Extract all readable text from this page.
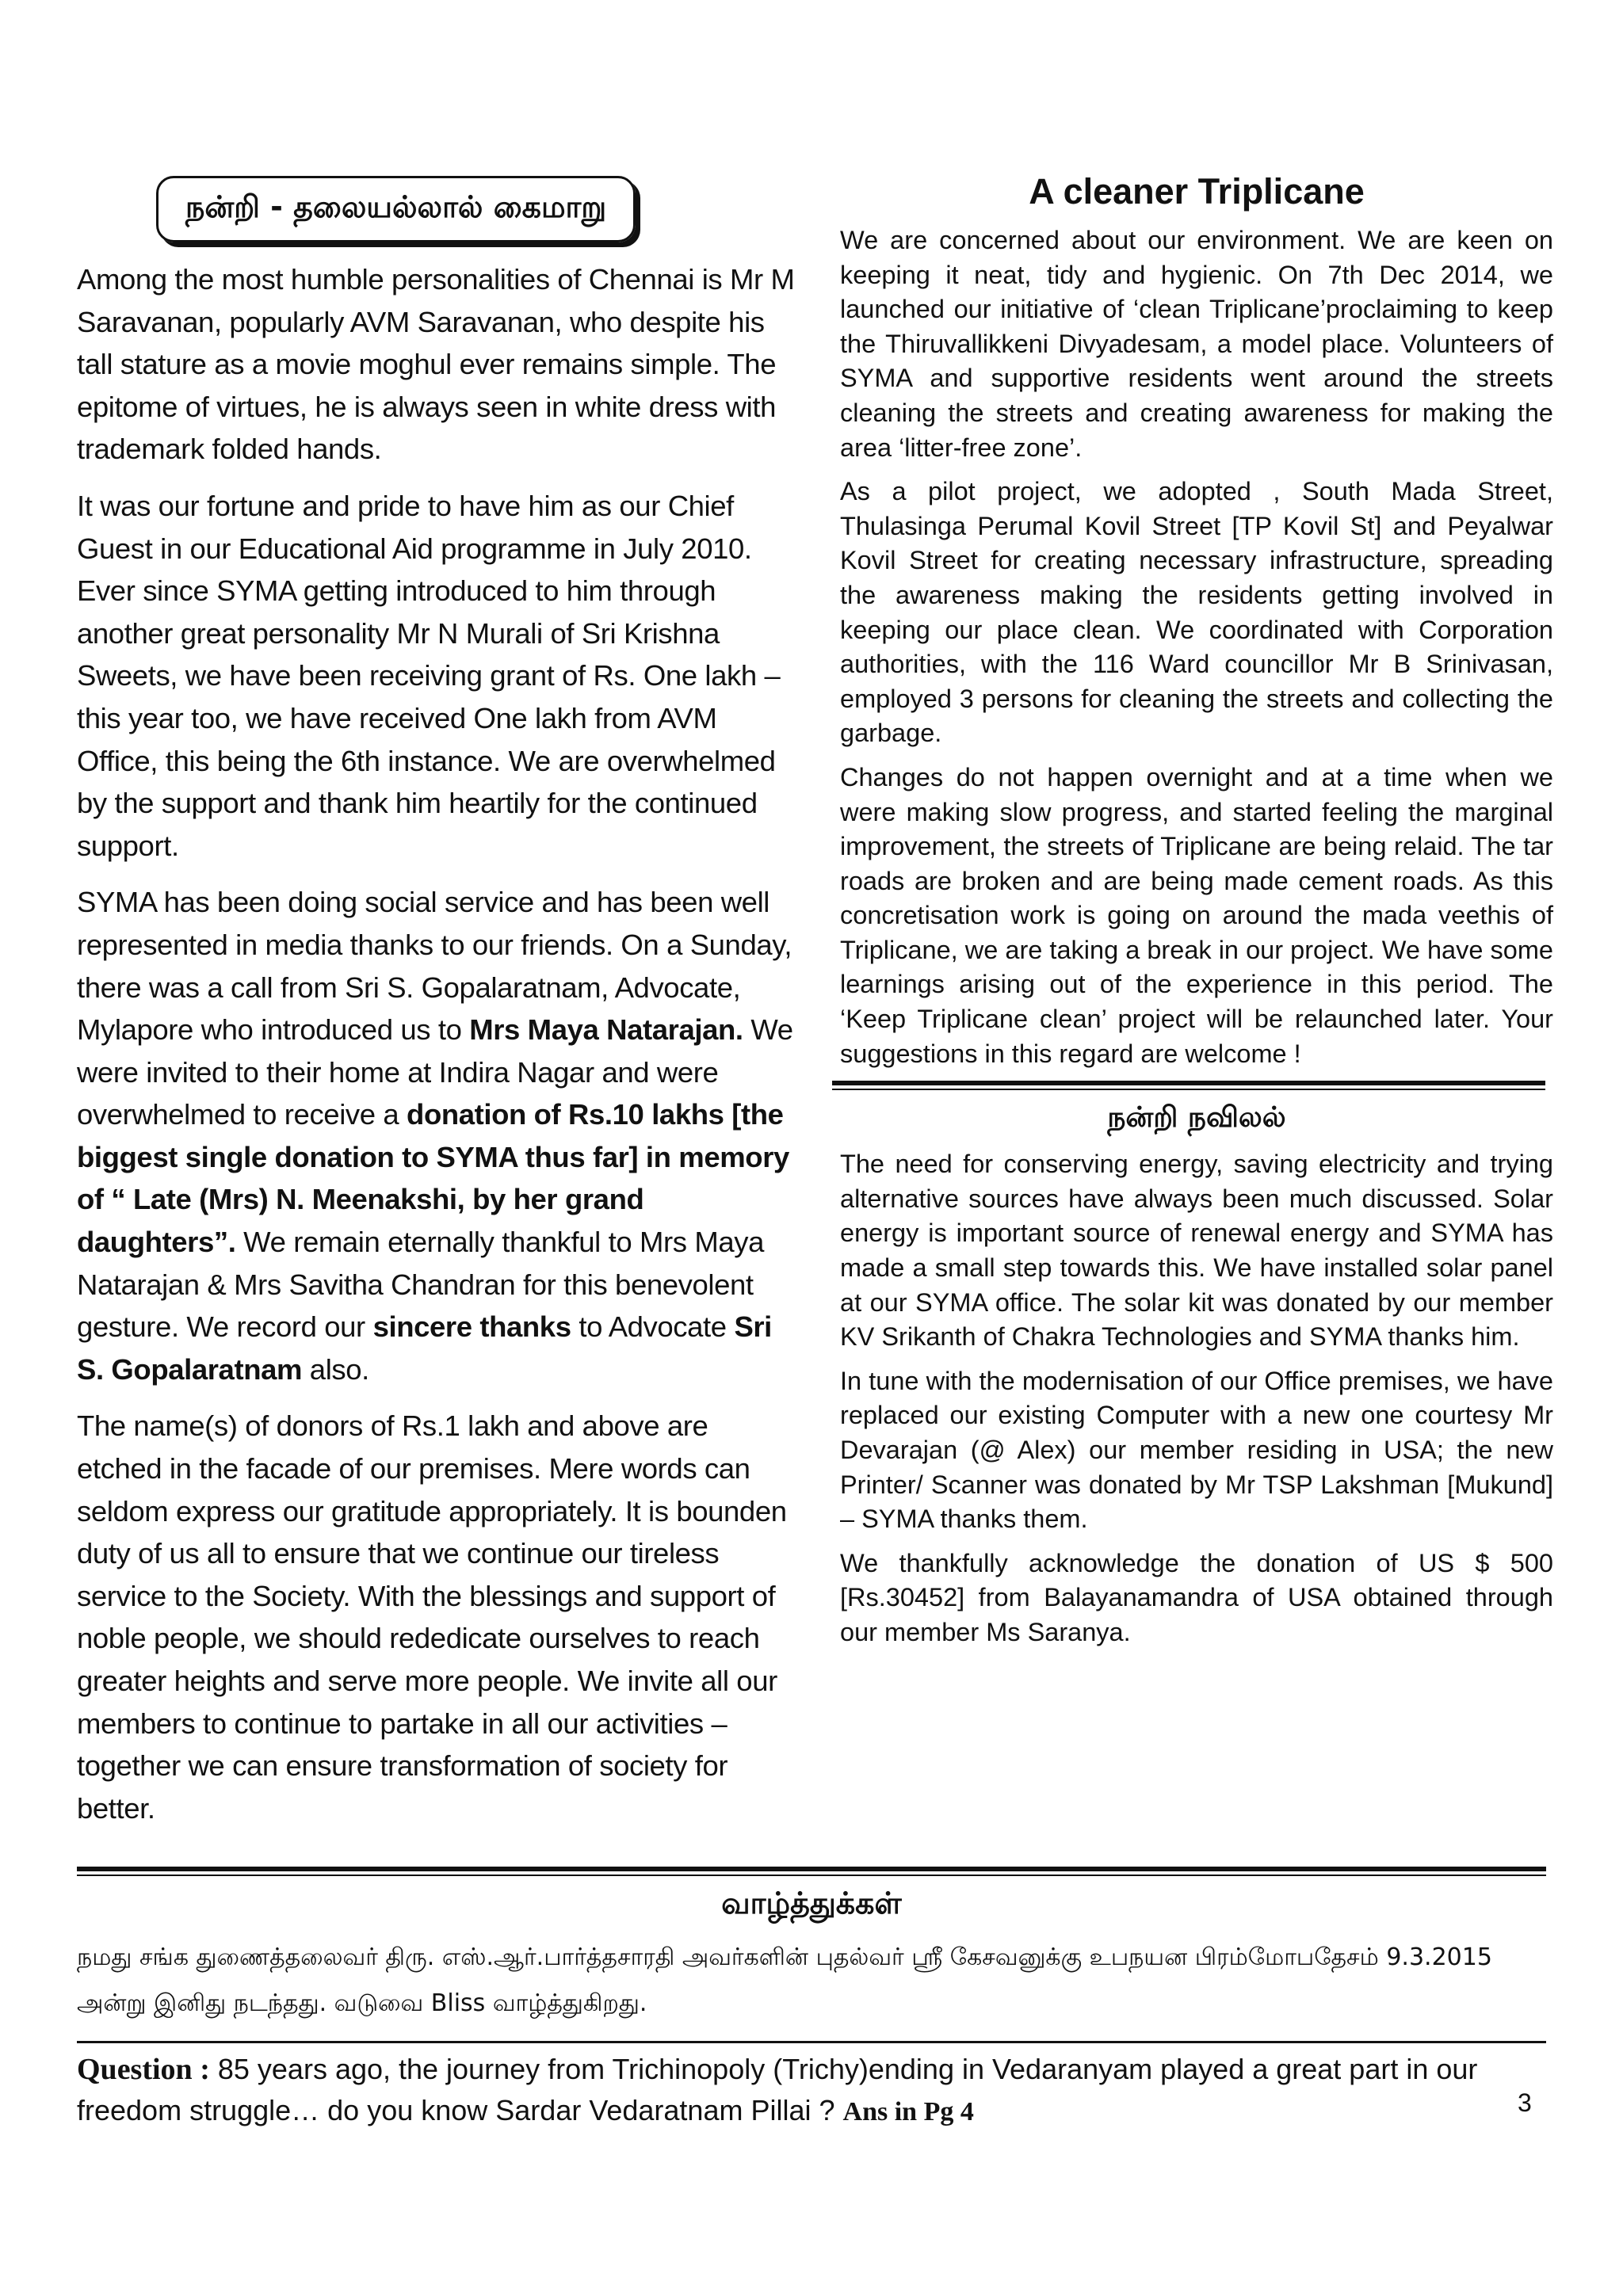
நன்றி - தலையல்லால் கைமாறு

Among the most humble personalities of Chennai is Mr M Saravanan, popularly AVM Saravanan, who despite his tall stature as a movie moghul ever remains simple. The epitome of virtues, he is always seen in white dress with trademark folded hands.

It was our fortune and pride to have him as our Chief Guest in our Educational Aid programme in July 2010. Ever since SYMA getting introduced to him through another great personality Mr N Murali of Sri Krishna Sweets, we have been receiving grant of Rs. One lakh – this year too, we have received One lakh from AVM Office, this being the 6th instance. We are overwhelmed by the support and thank him heartily for the continued support.

SYMA has been doing social service and has been well represented in media thanks to our friends. On a Sunday, there was a call from Sri S. Gopalaratnam, Advocate, Mylapore who introduced us to Mrs Maya Natarajan. We were invited to their home at Indira Nagar and were overwhelmed to receive a donation of Rs.10 lakhs [the biggest single donation to SYMA thus far] in memory of “ Late (Mrs) N. Meenakshi, by her grand daughters”. We remain eternally thankful to Mrs Maya Natarajan & Mrs Savitha Chandran for this benevolent gesture. We record our sincere thanks to Advocate Sri S. Gopalaratnam also.

The name(s) of donors of Rs.1 lakh and above are etched in the facade of our premises. Mere words can seldom express our gratitude appropriately. It is bounden duty of us all to ensure that we continue our tireless service to the Society. With the blessings and support of noble people, we should rededicate ourselves to reach greater heights and serve more people. We invite all our members to continue to partake in all our activities – together we can ensure transformation of society for better.

A cleaner Triplicane

We are concerned about our environment. We are keen on keeping it neat, tidy and hygienic. On 7th Dec 2014, we launched our initiative of ‘clean Triplicane’proclaiming to keep the Thiruvallikkeni Divyadesam, a model place. Volunteers of SYMA and supportive residents went around the streets cleaning the streets and creating awareness for making the area ‘litter-free zone’.

As a pilot project, we adopted , South Mada Street, Thulasinga Perumal Kovil Street [TP Kovil St] and Peyalwar Kovil Street for creating necessary infrastructure, spreading the awareness making the residents getting involved in keeping our place clean. We coordinated with Corporation authorities, with the 116 Ward councillor Mr B Srinivasan, employed 3 persons for cleaning the streets and collecting the garbage.

Changes do not happen overnight and at a time when we were making slow progress, and started feeling the marginal improvement, the streets of Triplicane are being relaid. The tar roads are broken and are being made cement roads. As this concretisation work is going on around the mada veethis of Triplicane, we are taking a break in our project. We have some learnings arising out of the experience in this period. The ‘Keep Triplicane clean’ project will be relaunched later. Your suggestions in this regard are welcome !

நன்றி நவிலல்

The need for conserving energy, saving electricity and trying alternative sources have always been much discussed. Solar energy is important source of renewal energy and SYMA has made a small step towards this. We have installed solar panel at our SYMA office. The solar kit was donated by our member KV Srikanth of Chakra Technologies and SYMA thanks him.

In tune with the modernisation of our Office premises, we have replaced our existing Computer with a new one courtesy Mr Devarajan (@ Alex) our member residing in USA; the new Printer/ Scanner was donated by Mr TSP Lakshman [Mukund] – SYMA thanks them.

We thankfully acknowledge the donation of US $ 500 [Rs.30452] from Balayanamandra of USA obtained through our member Ms Saranya.

வாழ்த்துக்கள்

நமது சங்க துணைத்தலைவர் திரு. எஸ்.ஆர்.பார்த்தசாரதி அவர்களின் புதல்வர் ஸ்ரீ கேசவனுக்கு உபநயன பிரம்மோபதேசம் 9.3.2015 அன்று இனிது நடந்தது. வடுவை Bliss வாழ்த்துகிறது.

Question : 85 years ago, the journey from Trichinopoly (Trichy)ending in Vedaranyam played a great part in our freedom struggle… do you know Sardar Vedaratnam Pillai ? Ans in Pg 4	3
